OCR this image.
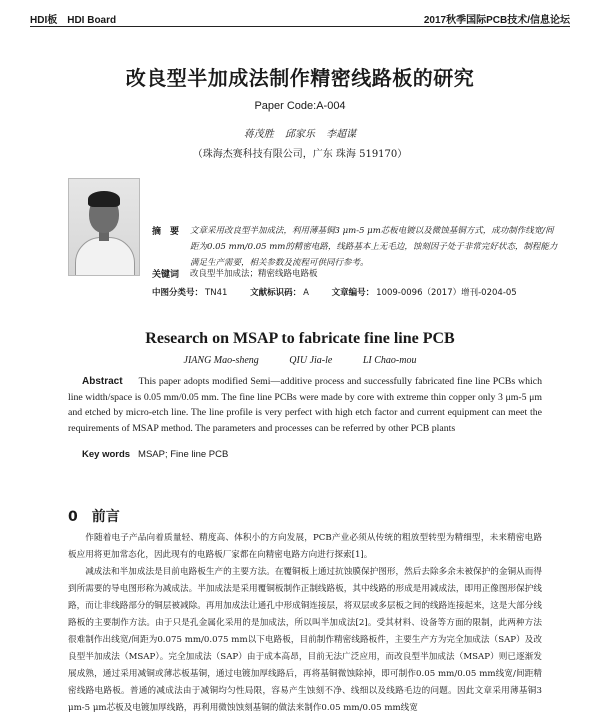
HDI板　HDI Board	2017秋季国际PCB技术/信息论坛
改良型半加成法制作精密线路板的研究
Paper Code:A-004
蒋茂胜 邱家乐 李超谋
（珠海杰赛科技有限公司，广东 珠海 519170）
摘　要 文章采用改良型半加成法，利用薄基铜3 μm-5 μm芯板电镀以及微蚀基铜方式，成功制作线宽/间距为0.05 mm/0.05 mm的精密电路，线路基本上无毛边，蚀刻因子处于非常完好状态，制程能力满足生产需要，相关参数及流程可供同行参考。
关键词 改良型半加成法；精密线路电路板
中图分类号： TN41	文献标识码： A	文章编号： 1009-0096（2017）增刊-0204-05
Research on MSAP to fabricate fine line PCB
JIANG Mao-sheng	QIU Jia-le	LI Chao-mou
Abstract This paper adopts modified Semi—additive process and successfully fabricated fine line PCBs which line width/space is 0.05 mm/0.05 mm. The fine line PCBs were made by core with extreme thin copper only 3 μm-5 μm and etched by micro-etch line. The line profile is very perfect with high etch factor and current equipment can meet the requirements of MSAP method. The parameters and processes can be referred by other PCB plants
Key words MSAP; Fine line PCB
0 前言

作随着电子产品向着质量轻、精度高、体积小的方向发展，PCB产业必须从传统的粗放型转型为精细型，未来精密电路板应用将更加常态化，因此现有的电路板厂家都在向精密电路方向进行探索[1]。

减成法和半加成法是目前电路板生产的主要方法。在覆铜板上通过抗蚀膜保护图形，然后去除多余未被保护的金铜从而得到所需要的导电图形称为减成法。半加成法是采用覆铜板制作正制线路板，其中线路的形成是用减成法，即用正像图形保护线路，而让非线路部分的铜层被减除。再用加成法让通孔中形成铜连接层，将双层或多层板之间的线路连接起来，这是大部分线路板的主要制作方法。由于只是孔金属化采用的是加成法，所以叫半加成法[2]。受其材料、设备等方面的限制，此两种方法很难制作出线宽/间距为0.075 mm/0.075 mm以下电路板，目前制作精密线路板件，主要生产方为完全加成法（SAP）及改良型半加成法（MSAP）。完全加成法（SAP）由于成本高昂，目前无法广泛应用，而改良型半加成法（MSAP）则已逐渐发展成熟，通过采用减铜或薄芯板基铜，通过电镀加厚线路后，再将基铜微蚀除掉，即可制作0.05 mm/0.05 mm线宽/间距精密线路电路板。普通的减成法由于减铜均匀性局限，容易产生蚀刻不净、线细以及线路毛边的问题。因此文章采用薄基铜3 μm-5 μm芯板及电镀加厚线路，再利用微蚀蚀刻基铜的做法来制作0.05 mm/0.05 mm线宽
